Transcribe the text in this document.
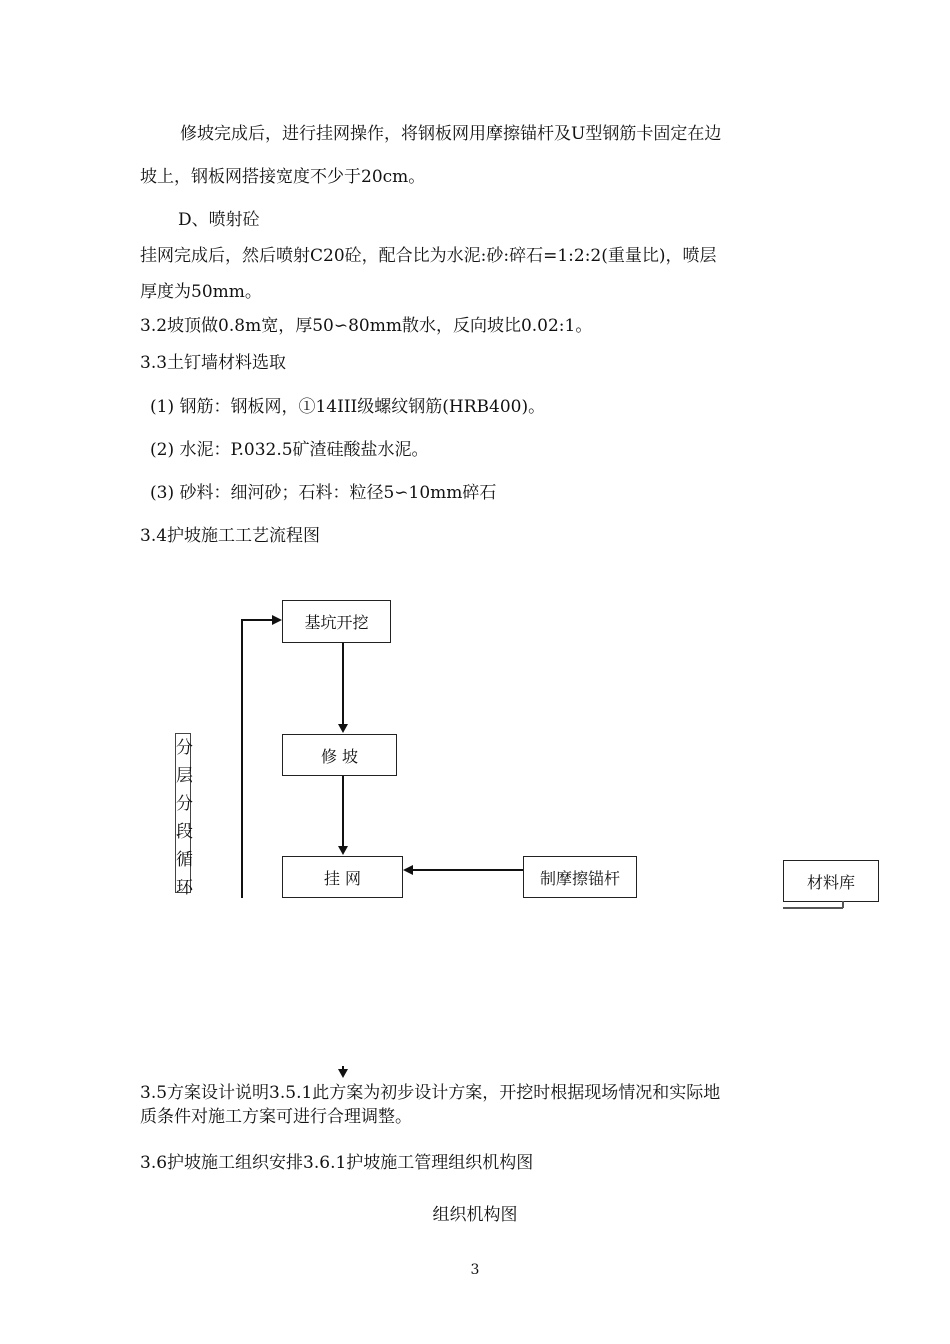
修坡完成后，进行挂网操作，将钢板网用摩擦锚杆及U型钢筋卡固定在边
坡上，钢板网搭接宽度不少于20cm。
D、喷射砼
挂网完成后，然后喷射C20砼，配合比为水泥:砂:碎石=1:2:2(重量比)，喷层
厚度为50mm。
3.2坡顶做0.8m宽，厚50∽80mm散水，反向坡比0.02:1。
3.3土钉墙材料选取
(1) 钢筋：钢板网，①14III级螺纹钢筋(HRB400)。
(2) 水泥：P.032.5矿渣硅酸盐水泥。
(3) 砂料：细河砂；石料：粒径5∽10mm碎石
3.4护坡施工工艺流程图
基坑开挖
修 坡
挂 网	制摩擦锚杆	材料库
分层分段循环
3.5方案设计说明3.5.1此方案为初步设计方案，开挖时根据现场情况和实际地
质条件对施工方案可进行合理调整。
3.6护坡施工组织安排3.6.1护坡施工管理组织机构图
组织机构图
3
